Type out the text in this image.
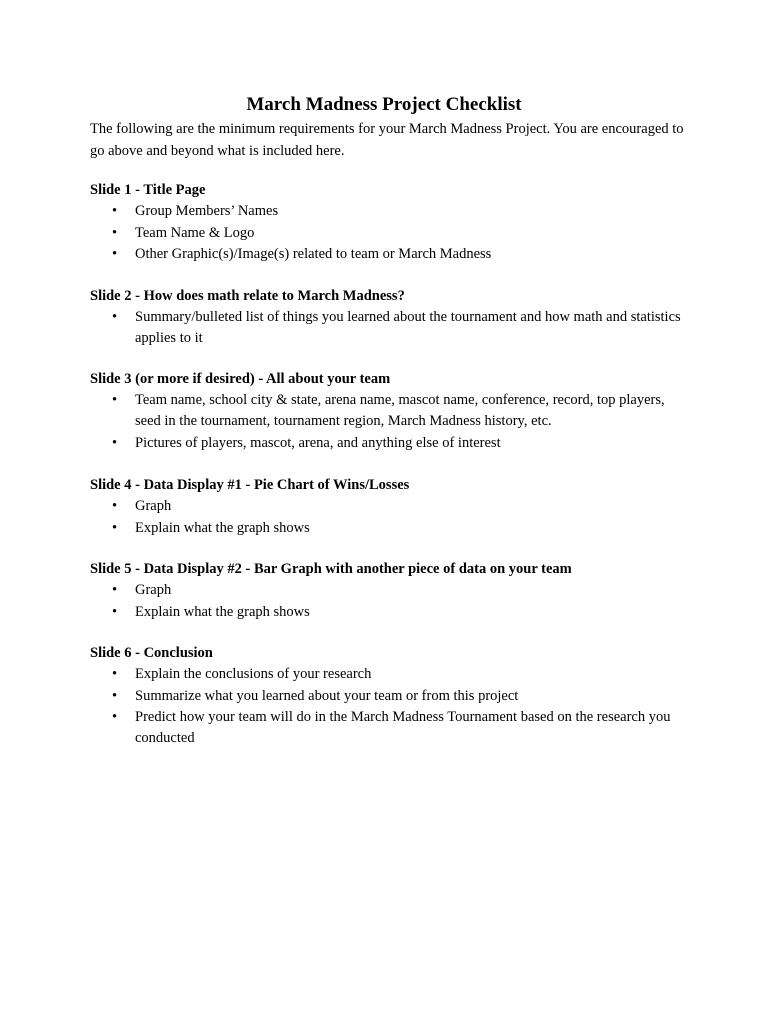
March Madness Project Checklist

The following are the minimum requirements for your March Madness Project. You are encouraged to go above and beyond what is included here.

Slide 1 - Title Page
• Group Members’ Names
• Team Name & Logo
• Other Graphic(s)/Image(s) related to team or March Madness
Slide 2 - How does math relate to March Madness?
• Summary/bulleted list of things you learned about the tournament and how math and statistics applies to it
Slide 3 (or more if desired) - All about your team
• Team name, school city & state, arena name, mascot name, conference, record, top players, seed in the tournament, tournament region, March Madness history, etc.
• Pictures of players, mascot, arena, and anything else of interest
Slide 4 - Data Display #1 - Pie Chart of Wins/Losses
• Graph
• Explain what the graph shows
Slide 5 - Data Display #2 - Bar Graph with another piece of data on your team
• Graph
• Explain what the graph shows
Slide 6 - Conclusion
• Explain the conclusions of your research
• Summarize what you learned about your team or from this project
• Predict how your team will do in the March Madness Tournament based on the research you conducted
